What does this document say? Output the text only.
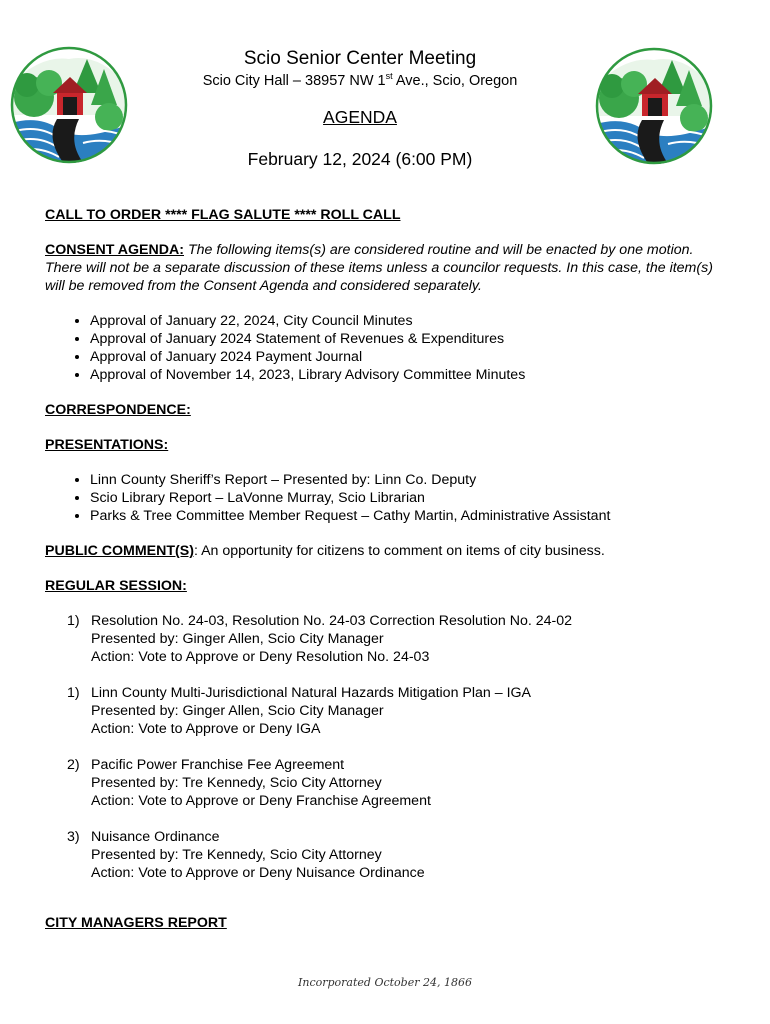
Scio Senior Center Meeting
Scio City Hall – 38957 NW 1st Ave., Scio, Oregon
AGENDA
February 12, 2024 (6:00 PM)
CALL TO ORDER **** FLAG SALUTE **** ROLL CALL
CONSENT AGENDA: The following items(s) are considered routine and will be enacted by one motion. There will not be a separate discussion of these items unless a councilor requests. In this case, the item(s) will be removed from the Consent Agenda and considered separately.
• Approval of January 22, 2024, City Council Minutes
• Approval of January 2024 Statement of Revenues & Expenditures
• Approval of January 2024 Payment Journal
• Approval of November 14, 2023, Library Advisory Committee Minutes
CORRESPONDENCE:
PRESENTATIONS:
• Linn County Sheriff’s Report – Presented by: Linn Co. Deputy
• Scio Library Report – LaVonne Murray, Scio Librarian
• Parks & Tree Committee Member Request – Cathy Martin, Administrative Assistant
PUBLIC COMMENT(S): An opportunity for citizens to comment on items of city business.
REGULAR SESSION:
1) Resolution No. 24-03, Resolution No. 24-03 Correction Resolution No. 24-02
Presented by: Ginger Allen, Scio City Manager
Action: Vote to Approve or Deny Resolution No. 24-03
1) Linn County Multi-Jurisdictional Natural Hazards Mitigation Plan – IGA
Presented by: Ginger Allen, Scio City Manager
Action: Vote to Approve or Deny IGA
2) Pacific Power Franchise Fee Agreement
Presented by: Tre Kennedy, Scio City Attorney
Action: Vote to Approve or Deny Franchise Agreement
3) Nuisance Ordinance
Presented by: Tre Kennedy, Scio City Attorney
Action: Vote to Approve or Deny Nuisance Ordinance
CITY MANAGERS REPORT
Incorporated October 24, 1866
